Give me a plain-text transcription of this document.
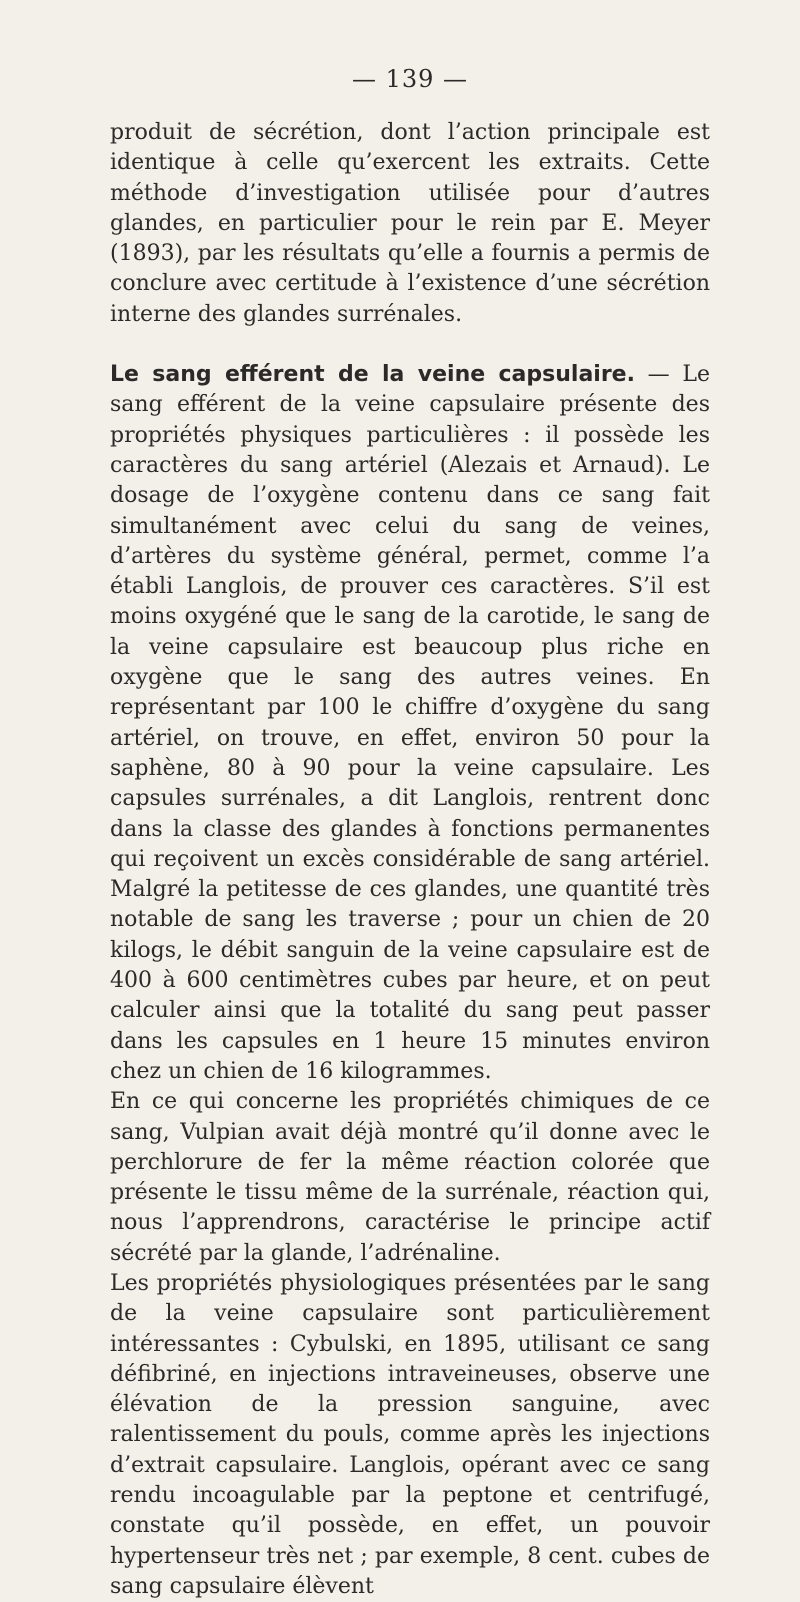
— 139 —

produit de sécrétion, dont l’action principale est identique à celle qu’exercent les extraits. Cette méthode d’investigation utilisée pour d’autres glandes, en particulier pour le rein par E. Meyer (1893), par les résultats qu’elle a fournis a permis de conclure avec certitude à l’existence d’une sécrétion interne des glandes surrénales.

Le sang efférent de la veine capsulaire. — Le sang efférent de la veine capsulaire présente des propriétés physiques particulières : il possède les caractères du sang artériel (Alezais et Arnaud). Le dosage de l’oxygène contenu dans ce sang fait simultanément avec celui du sang de veines, d’artères du système général, permet, comme l’a établi Langlois, de prouver ces caractères. S’il est moins oxygéné que le sang de la carotide, le sang de la veine capsulaire est beaucoup plus riche en oxygène que le sang des autres veines. En représentant par 100 le chiffre d’oxygène du sang artériel, on trouve, en effet, environ 50 pour la saphène, 80 à 90 pour la veine capsulaire. Les capsules surrénales, a dit Langlois, rentrent donc dans la classe des glandes à fonctions permanentes qui reçoivent un excès considérable de sang artériel. Malgré la petitesse de ces glandes, une quantité très notable de sang les traverse ; pour un chien de 20 kilogs, le débit sanguin de la veine capsulaire est de 400 à 600 centimètres cubes par heure, et on peut calculer ainsi que la totalité du sang peut passer dans les capsules en 1 heure 15 minutes environ chez un chien de 16 kilogrammes.

En ce qui concerne les propriétés chimiques de ce sang, Vulpian avait déjà montré qu’il donne avec le perchlorure de fer la même réaction colorée que présente le tissu même de la surrénale, réaction qui, nous l’apprendrons, caractérise le principe actif sécrété par la glande, l’adrénaline.

Les propriétés physiologiques présentées par le sang de la veine capsulaire sont particulièrement intéressantes : Cybulski, en 1895, utilisant ce sang défibriné, en injections intraveineuses, observe une élévation de la pression sanguine, avec ralentissement du pouls, comme après les injections d’extrait capsulaire. Langlois, opérant avec ce sang rendu incoagulable par la peptone et centrifugé, constate qu’il possède, en effet, un pouvoir hypertenseur très net ; par exemple, 8 cent. cubes de sang capsulaire élèvent
